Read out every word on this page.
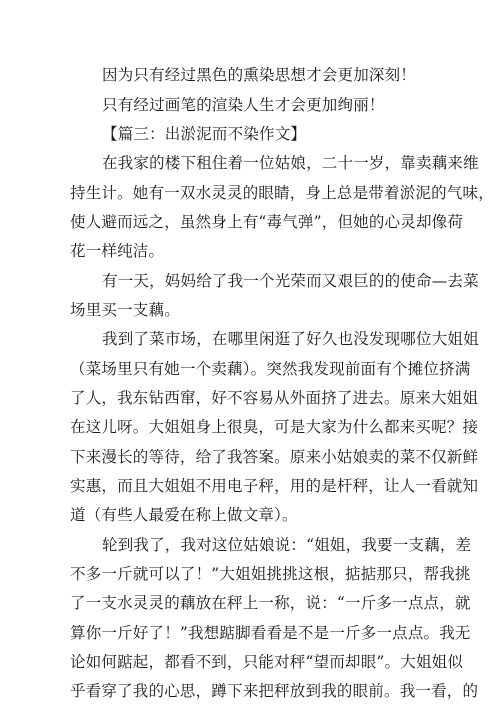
因为只有经过黑色的熏染思想才会更加深刻！
只有经过画笔的渲染人生才会更加绚丽！
【篇三：出淤泥而不染作文】
在我家的楼下租住着一位姑娘，二十一岁，靠卖藕来维
持生计。她有一双水灵灵的眼睛，身上总是带着淤泥的气味，
使人避而远之，虽然身上有“毒气弹”，但她的心灵却像荷
花一样纯洁。
有一天，妈妈给了我一个光荣而又艰巨的的使命—去菜
场里买一支藕。
我到了菜市场，在哪里闲逛了好久也没发现哪位大姐姐
（菜场里只有她一个卖藕）。突然我发现前面有个摊位挤满
了人，我东钻西窜，好不容易从外面挤了进去。原来大姐姐
在这儿呀。大姐姐身上很臭，可是大家为什么都来买呢？接
下来漫长的等待，给了我答案。原来小姑娘卖的菜不仅新鲜
实惠，而且大姐姐不用电子秤，用的是杆秤，让人一看就知
道（有些人最爱在称上做文章）。
轮到我了，我对这位姑娘说：“姐姐，我要一支藕，差
不多一斤就可以了！”大姐姐挑挑这根，掂掂那只，帮我挑
了一支水灵灵的藕放在秤上一称，说：“一斤多一点点，就
算你一斤好了！”我想踮脚看看是不是一斤多一点点。我无
论如何踮起，都看不到，只能对秤“望而却眼”。大姐姐似
乎看穿了我的心思，蹲下来把秤放到我的眼前。我一看，的
